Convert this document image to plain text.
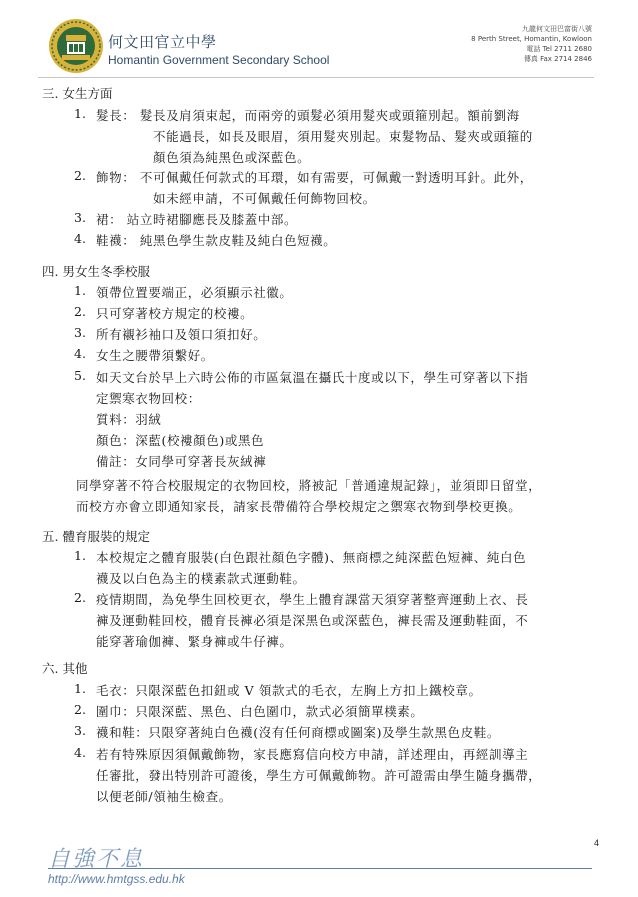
何文田官立中學
Homantin Government Secondary School
九龍何文田巴富街八號
8 Perth Street, Homantin, Kowloon
電話 Tel 2711 2680
傳真 Fax 2714 2846
三. 女生方面
1. 髮長： 髮長及肩須束起，而兩旁的頭髮必須用髮夾或頭箍別起。額前劉海
不能過長，如長及眼眉，須用髮夾別起。束髮物品、髮夾或頭箍的
顏色須為純黑色或深藍色。
2. 飾物： 不可佩戴任何款式的耳環，如有需要，可佩戴一對透明耳針。此外，
如未經申請，不可佩戴任何飾物回校。
3. 裙： 站立時裙腳應長及膝蓋中部。
4. 鞋襪： 純黑色學生款皮鞋及純白色短襪。
四. 男女生冬季校服
1. 領帶位置要端正，必須顯示社徽。
2. 只可穿著校方規定的校褸。
3. 所有襯衫袖口及領口須扣好。
4. 女生之腰帶須繫好。
5. 如天文台於早上六時公佈的市區氣溫在攝氏十度或以下，學生可穿著以下指
定禦寒衣物回校：
質料：羽絨
顏色：深藍(校褸顏色)或黑色
備註：女同學可穿著長灰絨褲
同學穿著不符合校服規定的衣物回校，將被記「普通違規記錄」，並須即日留堂，
而校方亦會立即通知家長，請家長帶備符合學校規定之禦寒衣物到學校更換。
五. 體育服裝的規定
1. 本校規定之體育服裝(白色跟社顏色字體)、無商標之純深藍色短褲、純白色
襪及以白色為主的樸素款式運動鞋。
2. 疫情期間，為免學生回校更衣，學生上體育課當天須穿著整齊運動上衣、長
褲及運動鞋回校，體育長褲必須是深黑色或深藍色，褲長需及運動鞋面，不
能穿著瑜伽褲、緊身褲或牛仔褲。
六. 其他
1. 毛衣：只限深藍色扣鈕或 V 領款式的毛衣，左胸上方扣上鐵校章。
2. 圍巾：只限深藍、黑色、白色圍巾，款式必須簡單樸素。
3. 襪和鞋：只限穿著純白色襪(沒有任何商標或圖案)及學生款黑色皮鞋。
4. 若有特殊原因須佩戴飾物，家長應寫信向校方申請，詳述理由，再經訓導主
任審批，發出特別許可證後，學生方可佩戴飾物。許可證需由學生隨身攜帶，
以便老師/領袖生檢查。
4
自強不息
http://www.hmtgss.edu.hk
